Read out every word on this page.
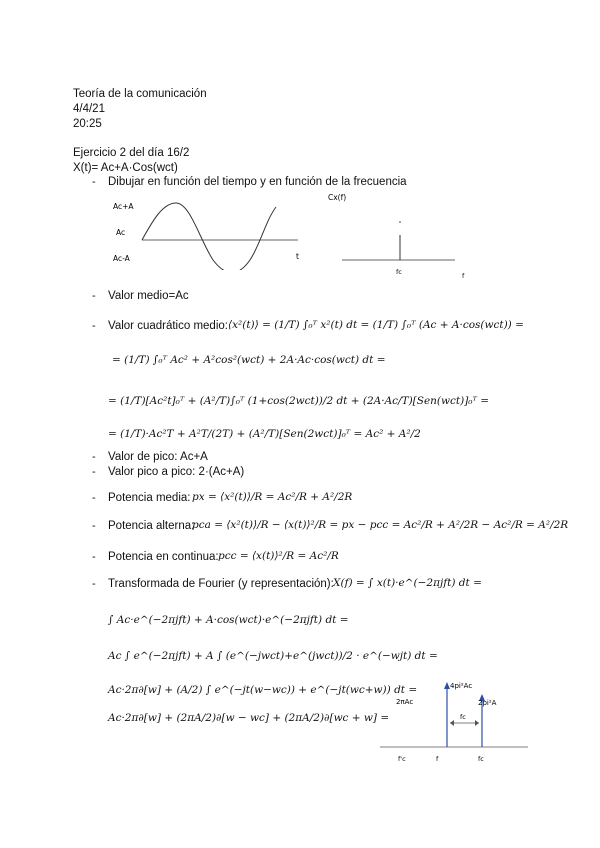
Teoría de la comunicación
4/4/21
20:25
Ejercicio 2 del día 16/2
X(t)= Ac+A·Cos(wct)
- Dibujar en función del tiempo y en función de la frecuencia
Ac+A
Ac
Ac-A	t
Cx(f)
fc	f
- Valor medio=Ac
- Valor cuadrático medio: ⟨x²(t)⟩ = (1/T) ∫₀ᵀ x²(t) dt = (1/T) ∫₀ᵀ (Ac + A·cos(wct)) =
= (1/T) ∫₀ᵀ Ac² + A²cos²(wct) + 2A·Ac·cos(wct) dt =
= (1/T)[Ac²t]₀ᵀ + (A²/T)∫₀ᵀ (1+cos(2wct))/2 dt + (2A·Ac/T)[Sen(wct)]₀ᵀ =
= (1/T)·Ac²T + A²T/(2T) + (A²/T)[Sen(2wct)]₀ᵀ = Ac² + A²/2
- Valor de pico: Ac+A
- Valor pico a pico: 2·(Ac+A)
- Potencia media: px = ⟨x²(t)⟩/R = Ac²/R + A²/2R
- Potencia alterna:
pca = ⟨x²(t)⟩/R − ⟨x(t)⟩²/R = px − pcc = Ac²/R + A²/2R − Ac²/R = A²/2R
- Potencia en continua: pcc = ⟨x(t)⟩²/R = Ac²/R
- Transformada de Fourier (y representación): X(f) = ∫ x(t)·e^(−2πjft) dt =
∫ Ac·e^(−2πjft) + A·cos(wct)·e^(−2πjft) dt =
Ac ∫ e^(−2πjft) + A ∫ (e^(−jwct)+e^(jwct))/2 · e^(−wjt) dt =
Ac·2π∂[w] + (A/2) ∫ e^(−jt(w−wc)) + e^(−jt(wc+w)) dt =
Ac·2π∂[w] + (2πA/2)∂[w − wc] + (2πA/2)∂[wc + w] =
2πAc
4pi²Ac
2pi²A
fc
f'c	f	fc
